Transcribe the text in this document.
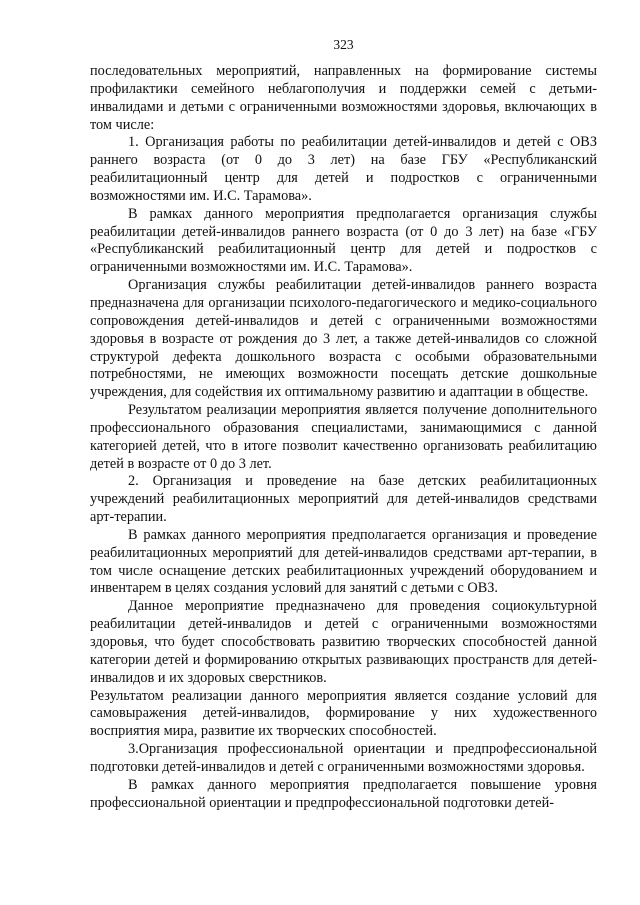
323

последовательных мероприятий, направленных на формирование системы профилактики семейного неблагополучия и поддержки семей с детьми-инвалидами и детьми с ограниченными возможностями здоровья, включающих в том числе:

1. Организация работы по реабилитации детей-инвалидов и детей с ОВЗ раннего возраста (от 0 до 3 лет) на базе ГБУ «Республиканский реабилитационный центр для детей и подростков с ограниченными возможностями им. И.С. Тарамова».

В рамках данного мероприятия предполагается организация службы реабилитации детей-инвалидов раннего возраста (от 0 до 3 лет) на базе «ГБУ «Республиканский реабилитационный центр для детей и подростков с ограниченными возможностями им. И.С. Тарамова».

Организация службы реабилитации детей-инвалидов раннего возраста предназначена для организации психолого-педагогического и медико-социального сопровождения детей-инвалидов и детей с ограниченными возможностями здоровья в возрасте от рождения до 3 лет, а также детей-инвалидов со сложной структурой дефекта дошкольного возраста с особыми образовательными потребностями, не имеющих возможности посещать детские дошкольные учреждения, для содействия их оптимальному развитию и адаптации в обществе.

Результатом реализации мероприятия является получение дополнительного профессионального образования специалистами, занимающимися с данной категорией детей, что в итоге позволит качественно организовать реабилитацию детей в возрасте от 0 до 3 лет.

2. Организация и проведение на базе детских реабилитационных учреждений реабилитационных мероприятий для детей-инвалидов средствами арт-терапии.

В рамках данного мероприятия предполагается организация и проведение реабилитационных мероприятий для детей-инвалидов средствами арт-терапии, в том числе оснащение детских реабилитационных учреждений оборудованием и инвентарем в целях создания условий для занятий с детьми с ОВЗ.

Данное мероприятие предназначено для проведения социокультурной реабилитации детей-инвалидов и детей с ограниченными возможностями здоровья, что будет способствовать развитию творческих способностей данной категории детей и формированию открытых развивающих пространств для детей-инвалидов и их здоровых сверстников.

Результатом реализации данного мероприятия является создание условий для самовыражения детей-инвалидов, формирование у них художественного восприятия мира, развитие их творческих способностей.

3.Организация профессиональной ориентации и предпрофессиональной подготовки детей-инвалидов и детей с ограниченными возможностями здоровья.

В рамках данного мероприятия предполагается повышение уровня профессиональной ориентации и предпрофессиональной подготовки детей-
